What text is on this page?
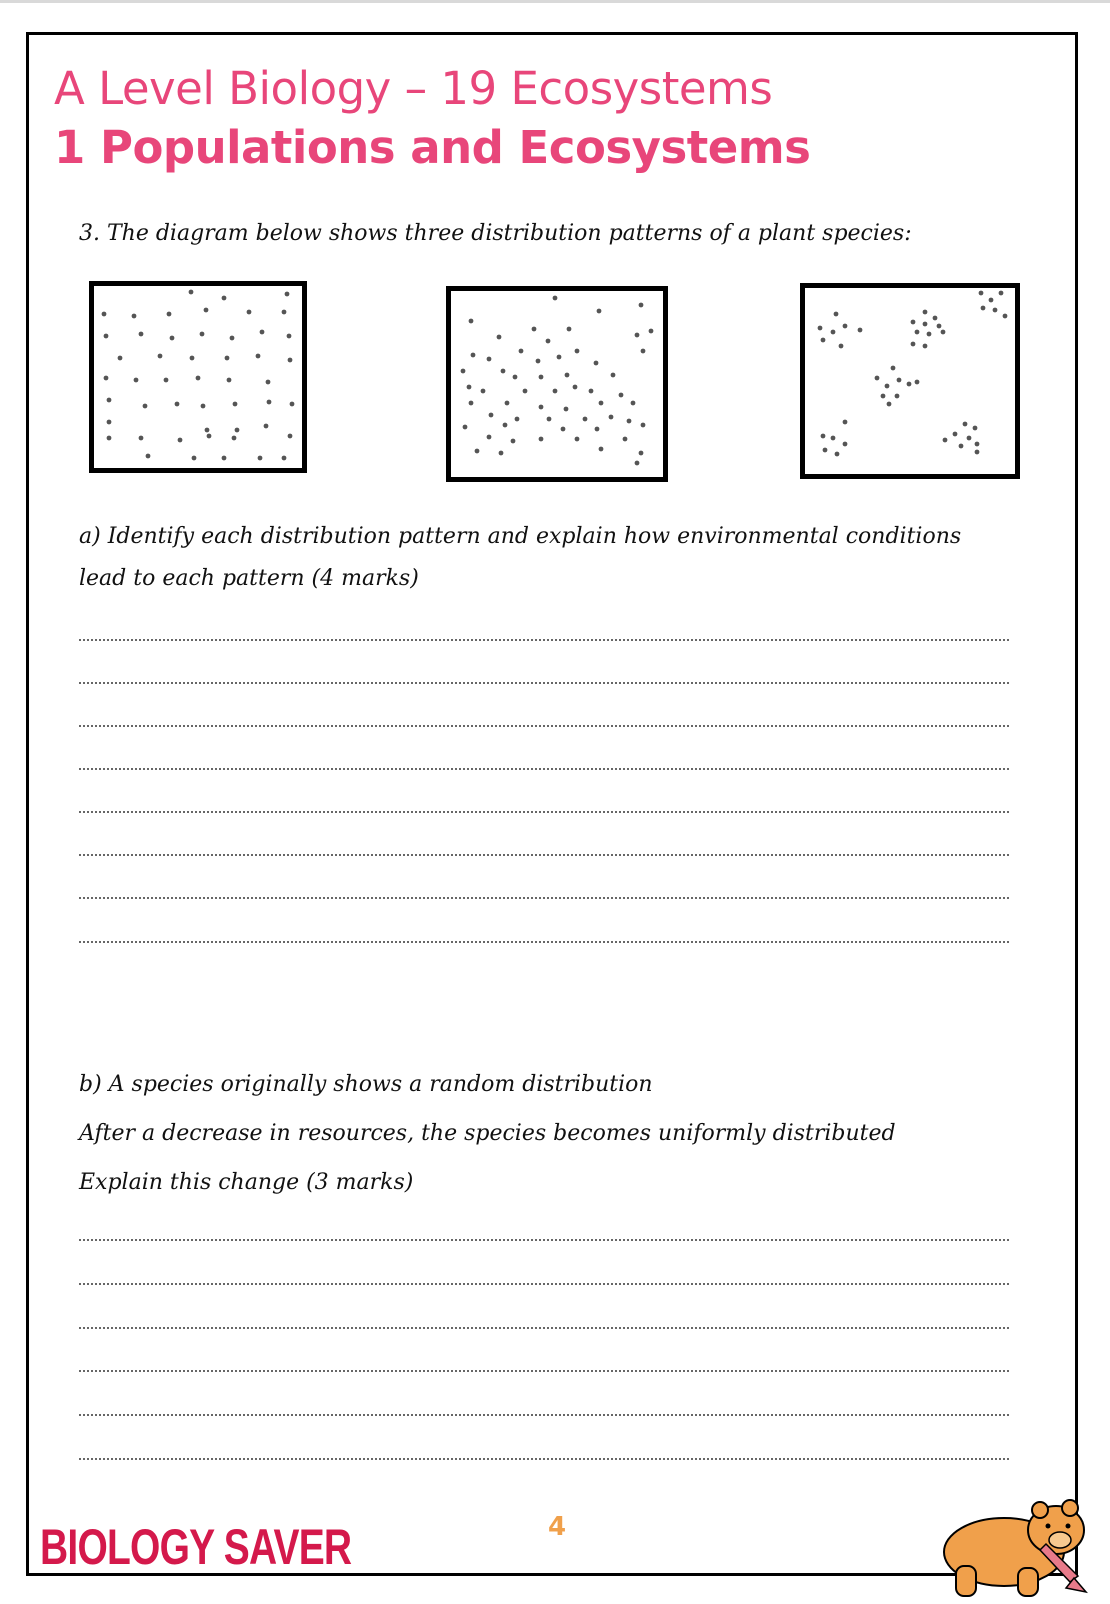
A Level Biology – 19 Ecosystems
1 Populations and Ecosystems
3. The diagram below shows three distribution patterns of a plant species:
a) Identify each distribution pattern and explain how environmental conditions
lead to each pattern (4 marks)
b) A species originally shows a random distribution
After a decrease in resources, the species becomes uniformly distributed
Explain this change (3 marks)
BIOLOGY SAVER	4
